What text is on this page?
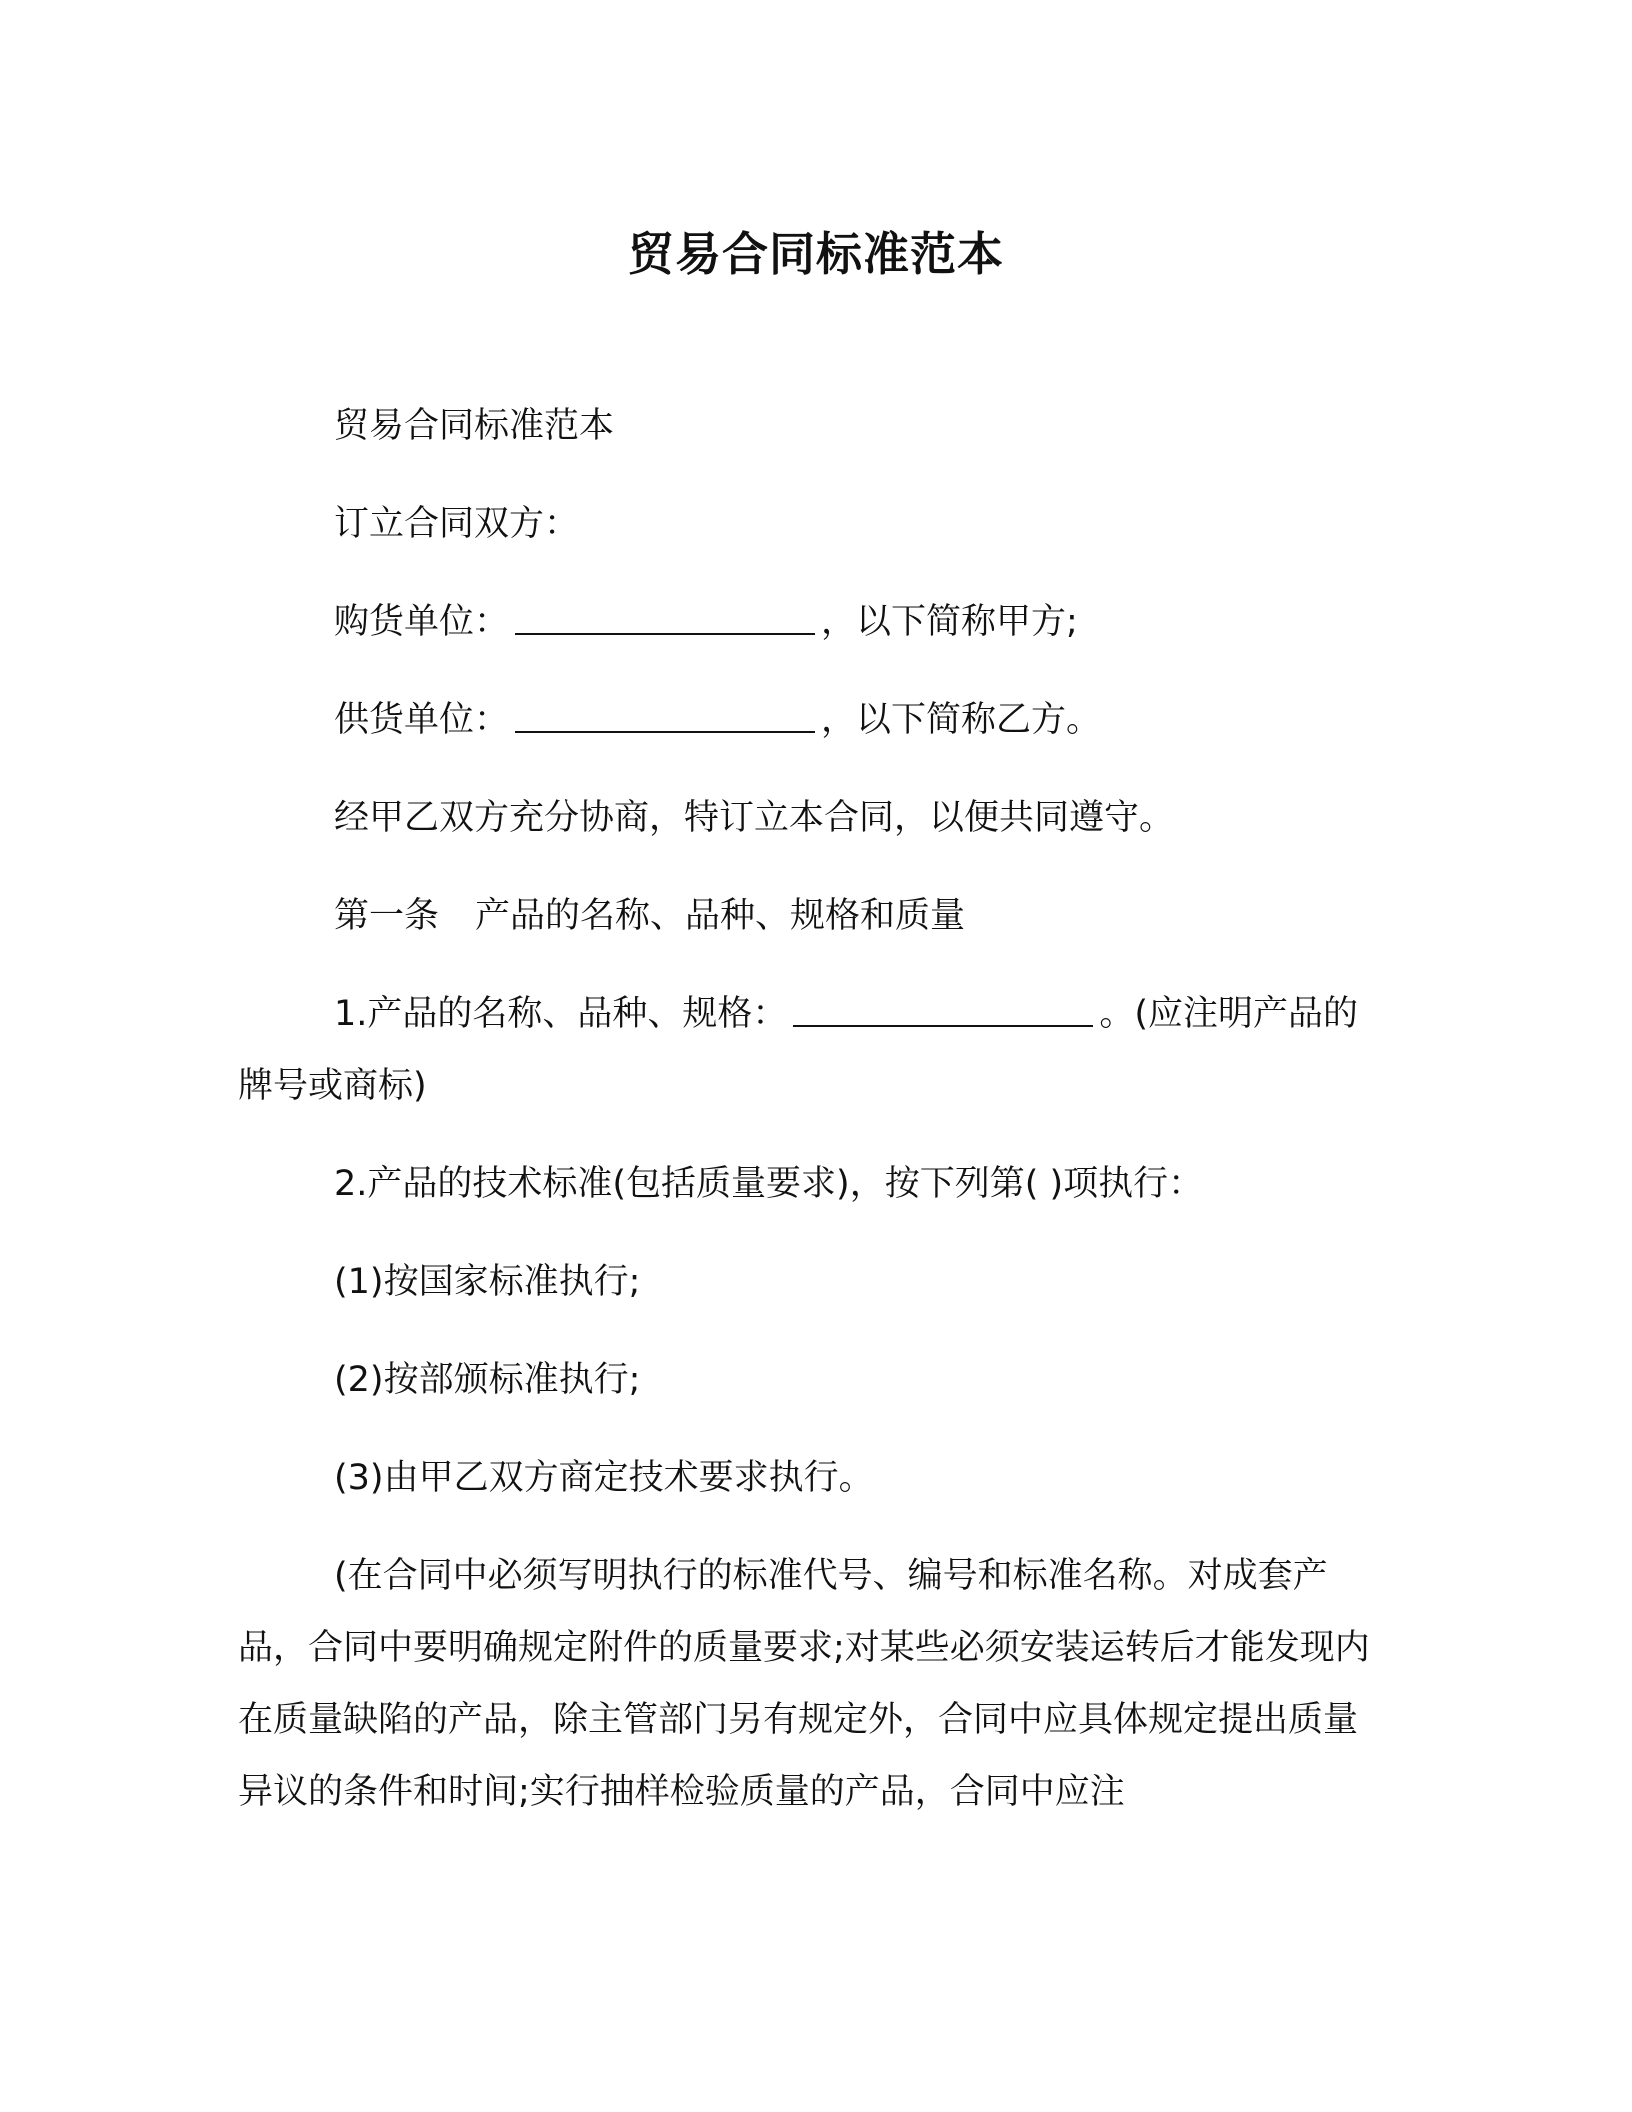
贸易合同标准范本

贸易合同标准范本

订立合同双方：

购货单位：	，以下简称甲方;

供货单位：	，以下简称乙方。

经甲乙双方充分协商，特订立本合同，以便共同遵守。

第一条 产品的名称、品种、规格和质量

1.产品的名称、品种、规格：	。(应注明产品的牌号或商标)

2.产品的技术标准(包括质量要求)，按下列第( )项执行：

(1)按国家标准执行;

(2)按部颁标准执行;

(3)由甲乙双方商定技术要求执行。

(在合同中必须写明执行的标准代号、编号和标准名称。对成套产品，合同中要明确规定附件的质量要求;对某些必须安装运转后才能发现内在质量缺陷的产品，除主管部门另有规定外，合同中应具体规定提出质量异议的条件和时间;实行抽样检验质量的产品，合同中应注
